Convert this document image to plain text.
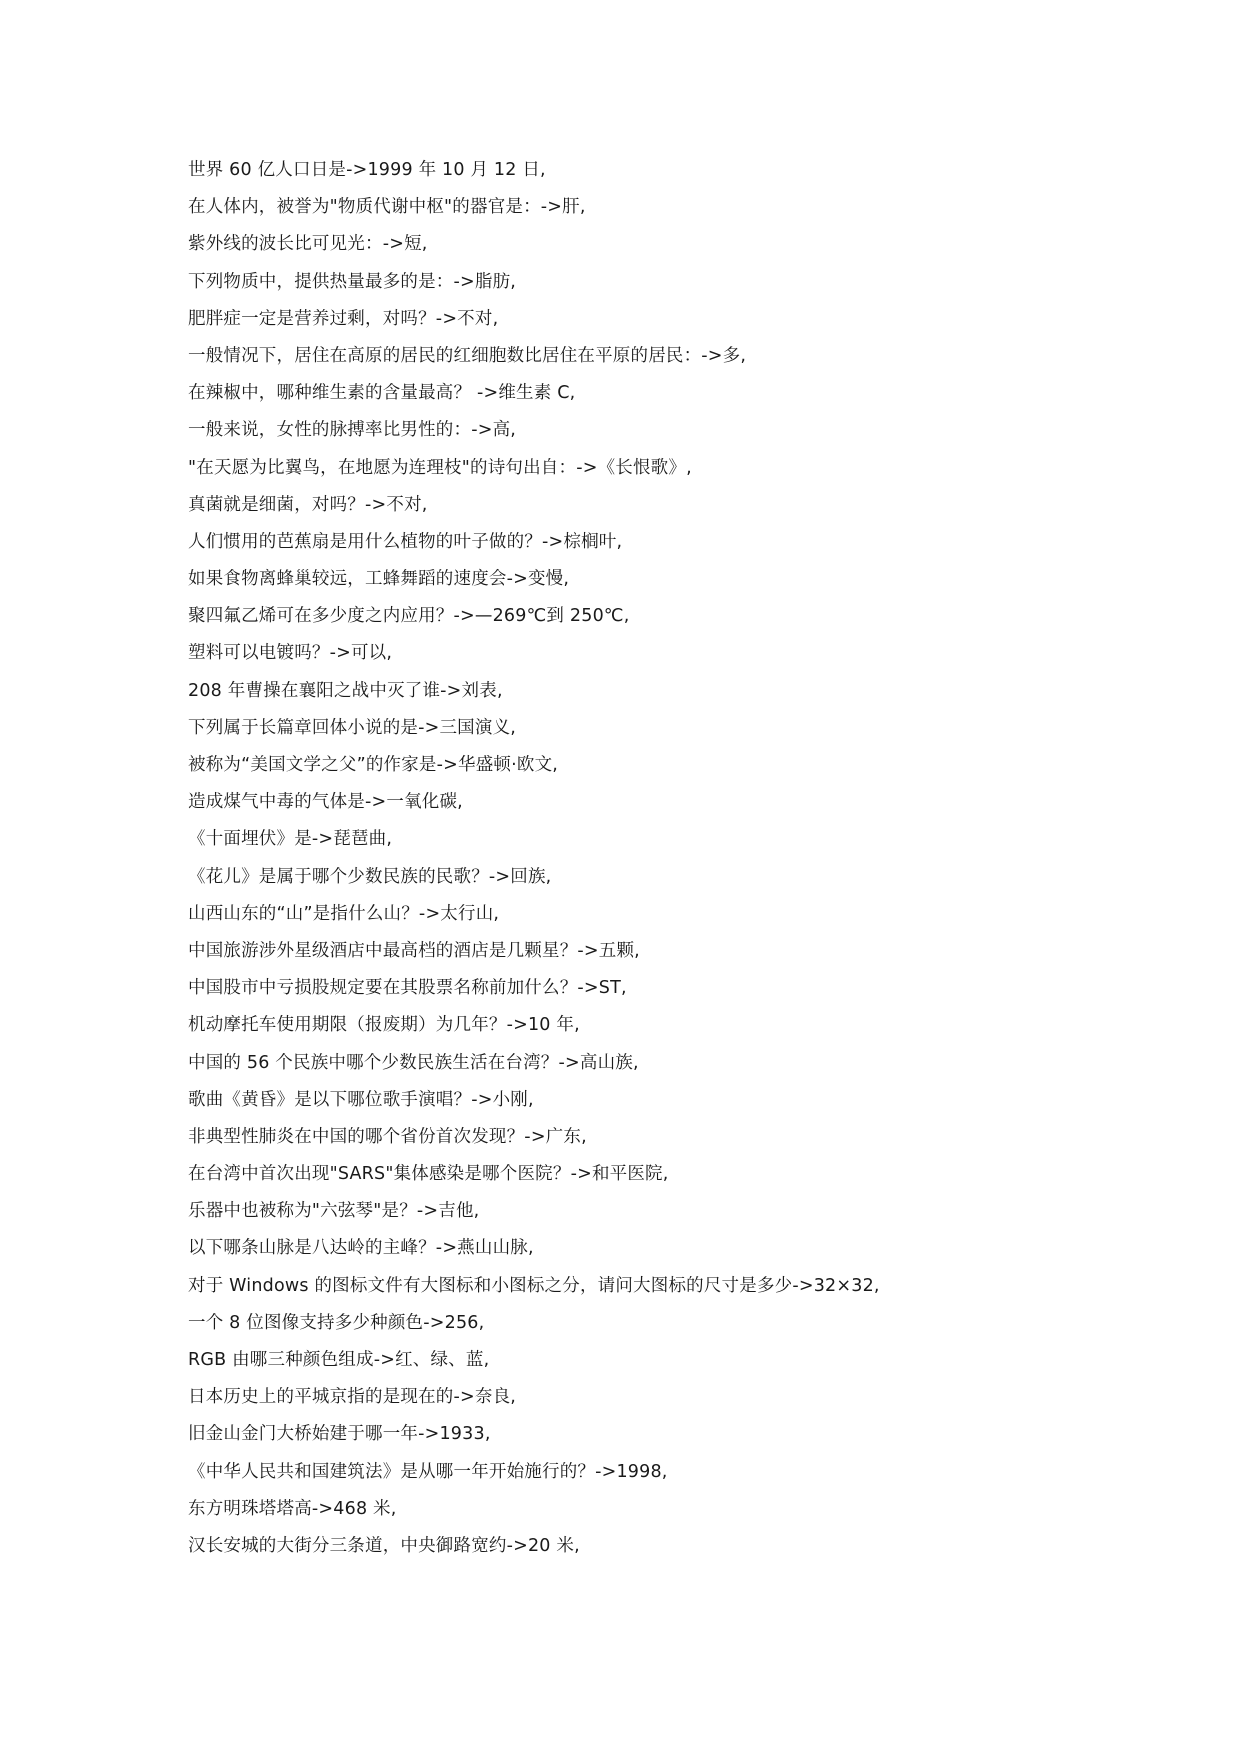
世界 60 亿人口日是->1999 年 10 月 12 日,
在人体内，被誉为"物质代谢中枢"的器官是：->肝,
紫外线的波长比可见光：->短,
下列物质中，提供热量最多的是：->脂肪,
肥胖症一定是营养过剩，对吗？->不对,
一般情况下，居住在高原的居民的红细胞数比居住在平原的居民：->多,
在辣椒中，哪种维生素的含量最高？ ->维生素 C,
一般来说，女性的脉搏率比男性的：->高,
"在天愿为比翼鸟，在地愿为连理枝"的诗句出自：->《长恨歌》,
真菌就是细菌，对吗？->不对,
人们惯用的芭蕉扇是用什么植物的叶子做的？->棕榈叶,
如果食物离蜂巢较远，工蜂舞蹈的速度会->变慢,
聚四氟乙烯可在多少度之内应用？->—269℃到 250℃,
塑料可以电镀吗？->可以,
208 年曹操在襄阳之战中灭了谁->刘表,
下列属于长篇章回体小说的是->三国演义,
被称为“美国文学之父”的作家是->华盛顿·欧文,
造成煤气中毒的气体是->一氧化碳,
《十面埋伏》是->琵琶曲,
《花儿》是属于哪个少数民族的民歌？->回族,
山西山东的“山”是指什么山？->太行山,
中国旅游涉外星级酒店中最高档的酒店是几颗星？->五颗,
中国股市中亏损股规定要在其股票名称前加什么？->ST,
机动摩托车使用期限（报废期）为几年？->10 年,
中国的 56 个民族中哪个少数民族生活在台湾？->高山族,
歌曲《黄昏》是以下哪位歌手演唱？->小刚,
非典型性肺炎在中国的哪个省份首次发现？->广东,
在台湾中首次出现"SARS"集体感染是哪个医院？->和平医院,
乐器中也被称为"六弦琴"是？->吉他,
以下哪条山脉是八达岭的主峰？->燕山山脉,
对于 Windows 的图标文件有大图标和小图标之分，请问大图标的尺寸是多少->32×32,
一个 8 位图像支持多少种颜色->256,
RGB 由哪三种颜色组成->红、绿、蓝,
日本历史上的平城京指的是现在的->奈良,
旧金山金门大桥始建于哪一年->1933,
《中华人民共和国建筑法》是从哪一年开始施行的？->1998,
东方明珠塔塔高->468 米,
汉长安城的大街分三条道，中央御路宽约->20 米,
